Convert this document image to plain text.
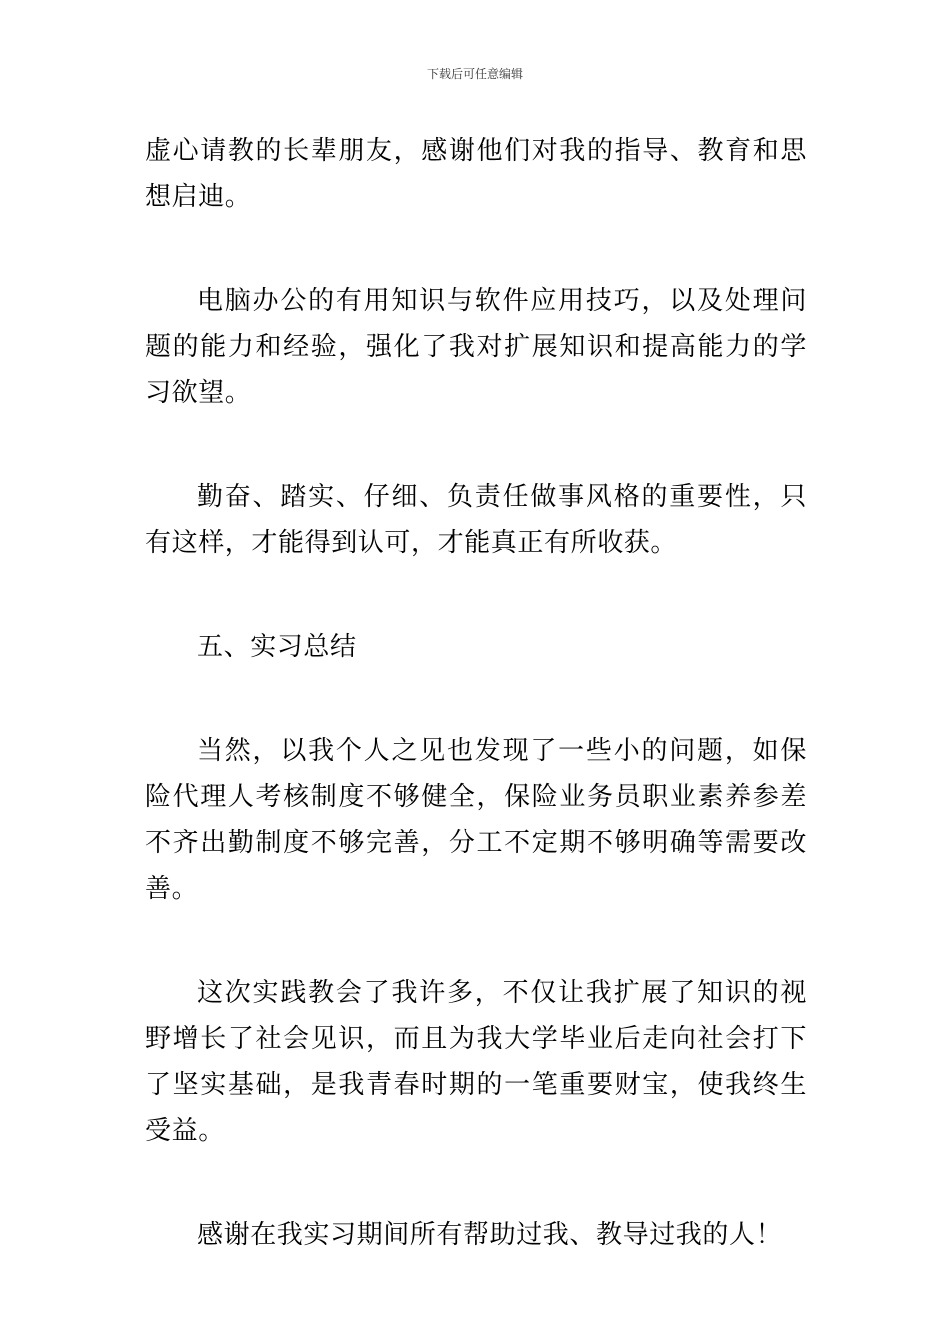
下载后可任意编辑

虚心请教的长辈朋友，感谢他们对我的指导、教育和思想启迪。

电脑办公的有用知识与软件应用技巧，以及处理问题的能力和经验，强化了我对扩展知识和提高能力的学习欲望。

勤奋、踏实、仔细、负责任做事风格的重要性，只有这样，才能得到认可，才能真正有所收获。

五、实习总结

当然，以我个人之见也发现了一些小的问题，如保险代理人考核制度不够健全，保险业务员职业素养参差不齐出勤制度不够完善，分工不定期不够明确等需要改善。

这次实践教会了我许多，不仅让我扩展了知识的视野增长了社会见识，而且为我大学毕业后走向社会打下了坚实基础，是我青春时期的一笔重要财宝，使我终生受益。

感谢在我实习期间所有帮助过我、教导过我的人！
